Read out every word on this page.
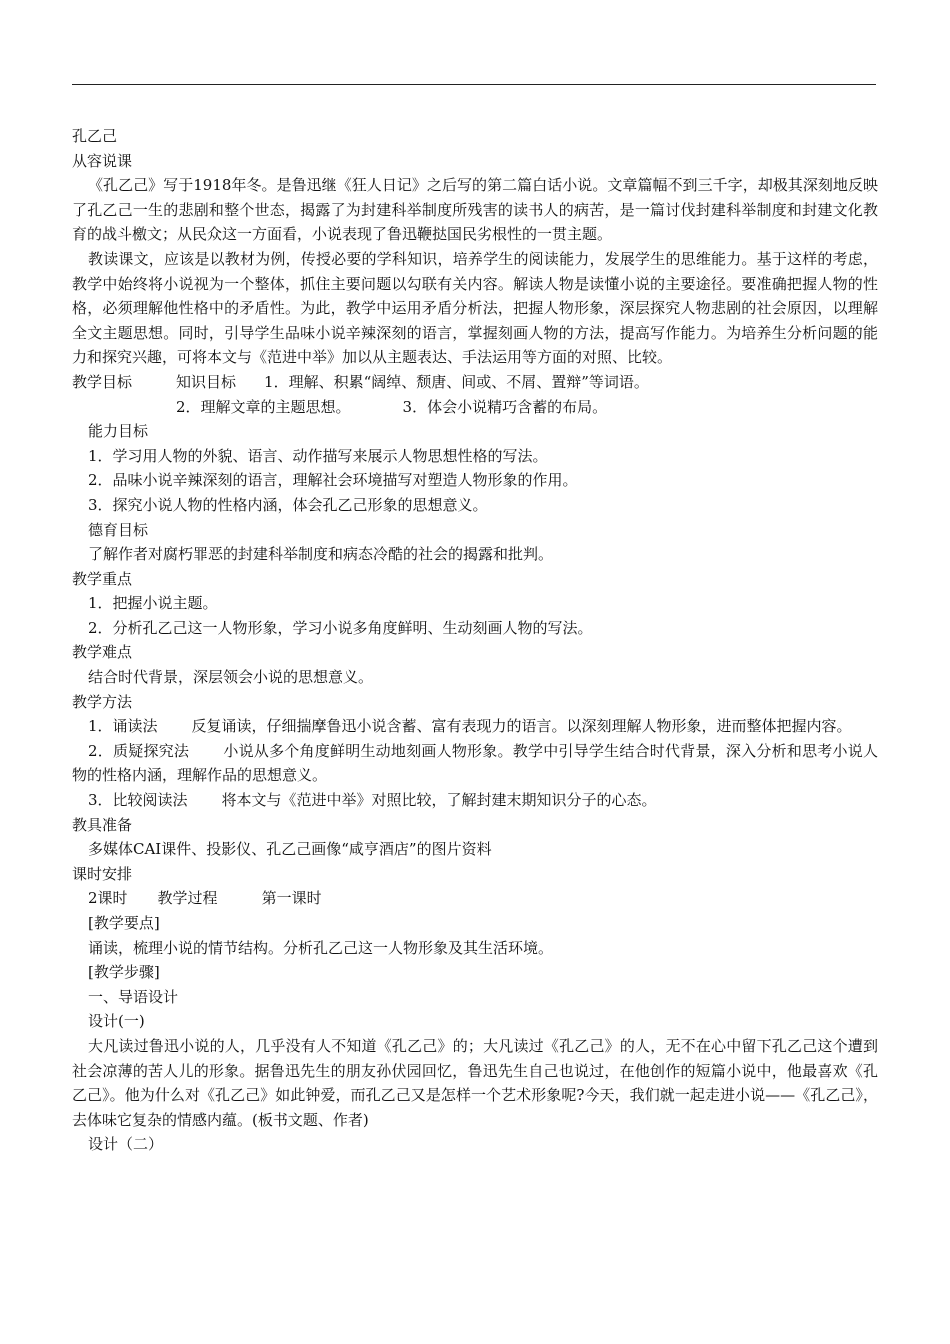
孔乙己
从容说课
《孔乙己》写于1918年冬。是鲁迅继《狂人日记》之后写的第二篇白话小说。文章篇幅不到三千字，却极其深刻地反映了孔乙己一生的悲剧和整个世态，揭露了为封建科举制度所残害的读书人的病苦，是一篇讨伐封建科举制度和封建文化教育的战斗檄文；从民众这一方面看，小说表现了鲁迅鞭挞国民劣根性的一贯主题。
教读课文，应该是以教材为例，传授必要的学科知识，培养学生的阅读能力，发展学生的思维能力。基于这样的考虑，教学中始终将小说视为一个整体，抓住主要问题以勾联有关内容。解读人物是读懂小说的主要途径。要准确把握人物的性格，必须理解他性格中的矛盾性。为此，教学中运用矛盾分析法，把握人物形象，深层探究人物悲剧的社会原因，以理解全文主题思想。同时，引导学生品味小说辛辣深刻的语言，掌握刻画人物的方法，提高写作能力。为培养生分析问题的能力和探究兴趣，可将本文与《范进中举》加以从主题表达、手法运用等方面的对照、比较。
教学目标	知识目标 1．理解、积累“阔绰、颓唐、间或、不屑、置辩”等词语。
2．理解文章的主题思想。	3．体会小说精巧含蓄的布局。
能力目标
1．学习用人物的外貌、语言、动作描写来展示人物思想性格的写法。
2．品味小说辛辣深刻的语言，理解社会环境描写对塑造人物形象的作用。
3．探究小说人物的性格内涵，体会孔乙己形象的思想意义。
德育目标
了解作者对腐朽罪恶的封建科举制度和病态冷酷的社会的揭露和批判。
教学重点
1．把握小说主题。
2．分析孔乙己这一人物形象，学习小说多角度鲜明、生动刻画人物的写法。
教学难点
结合时代背景，深层领会小说的思想意义。
教学方法
1．诵读法 反复诵读，仔细揣摩鲁迅小说含蓄、富有表现力的语言。以深刻理解人物形象，进而整体把握内容。
2．质疑探究法 小说从多个角度鲜明生动地刻画人物形象。教学中引导学生结合时代背景，深入分析和思考小说人物的性格内涵，理解作品的思想意义。
3．比较阅读法 将本文与《范进中举》对照比较，了解封建末期知识分子的心态。
教具准备
多媒体CAI课件、投影仪、孔乙己画像“咸亨酒店”的图片资料
课时安排
2课时 教学过程	第一课时
[教学要点]
诵读，梳理小说的情节结构。分析孔乙己这一人物形象及其生活环境。
[教学步骤]
一、导语设计
设计(一)
大凡读过鲁迅小说的人，几乎没有人不知道《孔乙己》的；大凡读过《孔乙己》的人，无不在心中留下孔乙己这个遭到社会凉薄的苦人儿的形象。据鲁迅先生的朋友孙伏园回忆，鲁迅先生自己也说过，在他创作的短篇小说中，他最喜欢《孔乙己》。他为什么对《孔乙己》如此钟爱，而孔乙己又是怎样一个艺术形象呢?今天，我们就一起走进小说——《孔乙己》，去体味它复杂的情感内蕴。(板书文题、作者)
设计（二）
